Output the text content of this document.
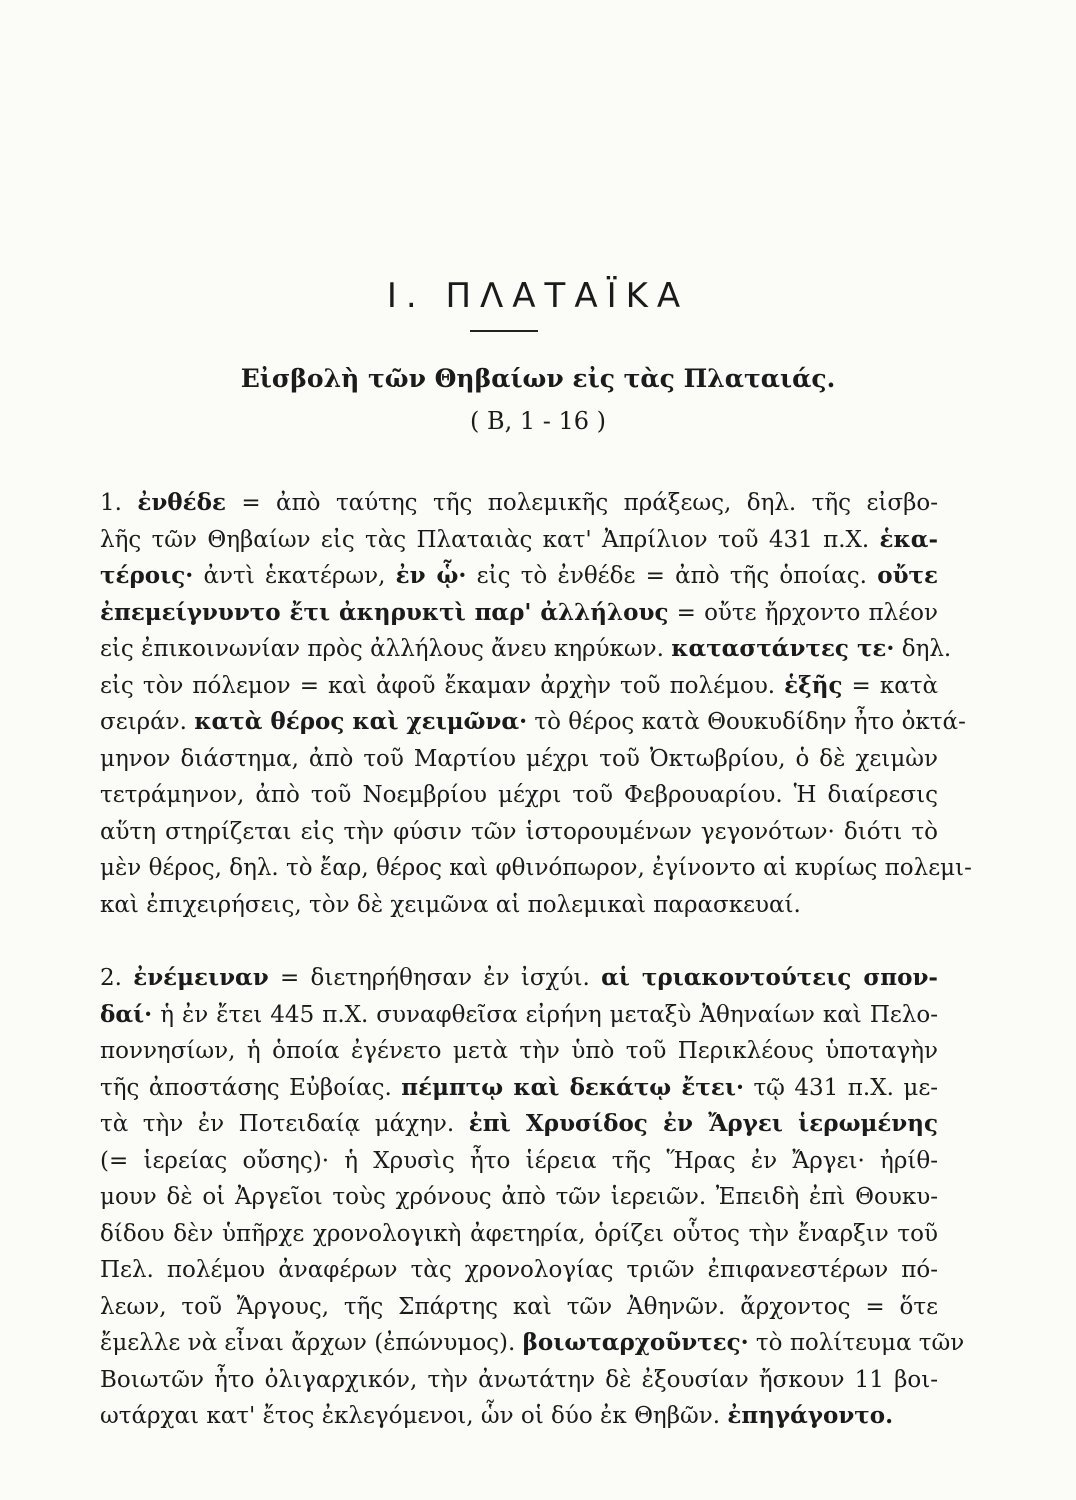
I. ΠΛΑΤΑΪΚΑ
Εἰσβολὴ τῶν Θηβαίων εἰς τὰς Πλαταιάς.
( B, 1 - 16 )
1. ἐνθέδε = ἀπὸ ταύτης τῆς πολεμικῆς πράξεως, δηλ. τῆς εἰσβο-
λῆς τῶν Θηβαίων εἰς τὰς Πλαταιὰς κατ' Ἀπρίλιον τοῦ 431 π.Χ. ἑκα-
τέροις· ἀντὶ ἑκατέρων, ἐν ᾧ· εἰς τὸ ἐνθέδε = ἀπὸ τῆς ὁποίας. οὔτε
ἐπεμείγνυντο ἔτι ἀκηρυκτὶ παρ' ἀλλήλους = οὔτε ἤρχοντο πλέον
εἰς ἐπικοινωνίαν πρὸς ἀλλήλους ἄνευ κηρύκων. καταστάντες τε· δηλ.
εἰς τὸν πόλεμον = καὶ ἀφοῦ ἔκαμαν ἀρχὴν τοῦ πολέμου. ἑξῆς = κατὰ
σειράν. κατὰ θέρος καὶ χειμῶνα· τὸ θέρος κατὰ Θουκυδίδην ἦτο ὀκτά-
μηνον διάστημα, ἀπὸ τοῦ Μαρτίου μέχρι τοῦ Ὀκτωβρίου, ὁ δὲ χειμὼν
τετράμηνον, ἀπὸ τοῦ Νοεμβρίου μέχρι τοῦ Φεβρουαρίου. Ἡ διαίρεσις
αὕτη στηρίζεται εἰς τὴν φύσιν τῶν ἱστορουμένων γεγονότων· διότι τὸ
μὲν θέρος, δηλ. τὸ ἔαρ, θέρος καὶ φθινόπωρον, ἐγίνοντο αἱ κυρίως πολεμι-
καὶ ἐπιχειρήσεις, τὸν δὲ χειμῶνα αἱ πολεμικαὶ παρασκευαί.
2. ἐνέμειναν = διετηρήθησαν ἐν ἰσχύι. αἱ τριακοντούτεις σπον-
δαί· ἡ ἐν ἔτει 445 π.Χ. συναφθεῖσα εἰρήνη μεταξὺ Ἀθηναίων καὶ Πελο-
ποννησίων, ἡ ὁποία ἐγένετο μετὰ τὴν ὑπὸ τοῦ Περικλέους ὑποταγὴν
τῆς ἀποστάσης Εὐβοίας. πέμπτῳ καὶ δεκάτῳ ἔτει· τῷ 431 π.Χ. με-
τὰ τὴν ἐν Ποτειδαίᾳ μάχην. ἐπὶ Χρυσίδος ἐν Ἄργει ἱερωμένης
(= ἱερείας οὔσης)· ἡ Χρυσὶς ἦτο ἱέρεια τῆς Ἥρας ἐν Ἄργει· ἠρίθ-
μουν δὲ οἱ Ἀργεῖοι τοὺς χρόνους ἀπὸ τῶν ἱερειῶν. Ἐπειδὴ ἐπὶ Θουκυ-
δίδου δὲν ὑπῆρχε χρονολογικὴ ἀφετηρία, ὁρίζει οὗτος τὴν ἔναρξιν τοῦ
Πελ. πολέμου ἀναφέρων τὰς χρονολογίας τριῶν ἐπιφανεστέρων πό-
λεων, τοῦ Ἄργους, τῆς Σπάρτης καὶ τῶν Ἀθηνῶν. ἄρχοντος = ὅτε
ἔμελλε νὰ εἶναι ἄρχων (ἐπώνυμος). βοιωταρχοῦντες· τὸ πολίτευμα τῶν
Βοιωτῶν ἦτο ὀλιγαρχικόν, τὴν ἀνωτάτην δὲ ἐξουσίαν ἤσκουν 11 βοι-
ωτάρχαι κατ' ἔτος ἐκλεγόμενοι, ὧν οἱ δύο ἐκ Θηβῶν. ἐπηγάγοντο.
